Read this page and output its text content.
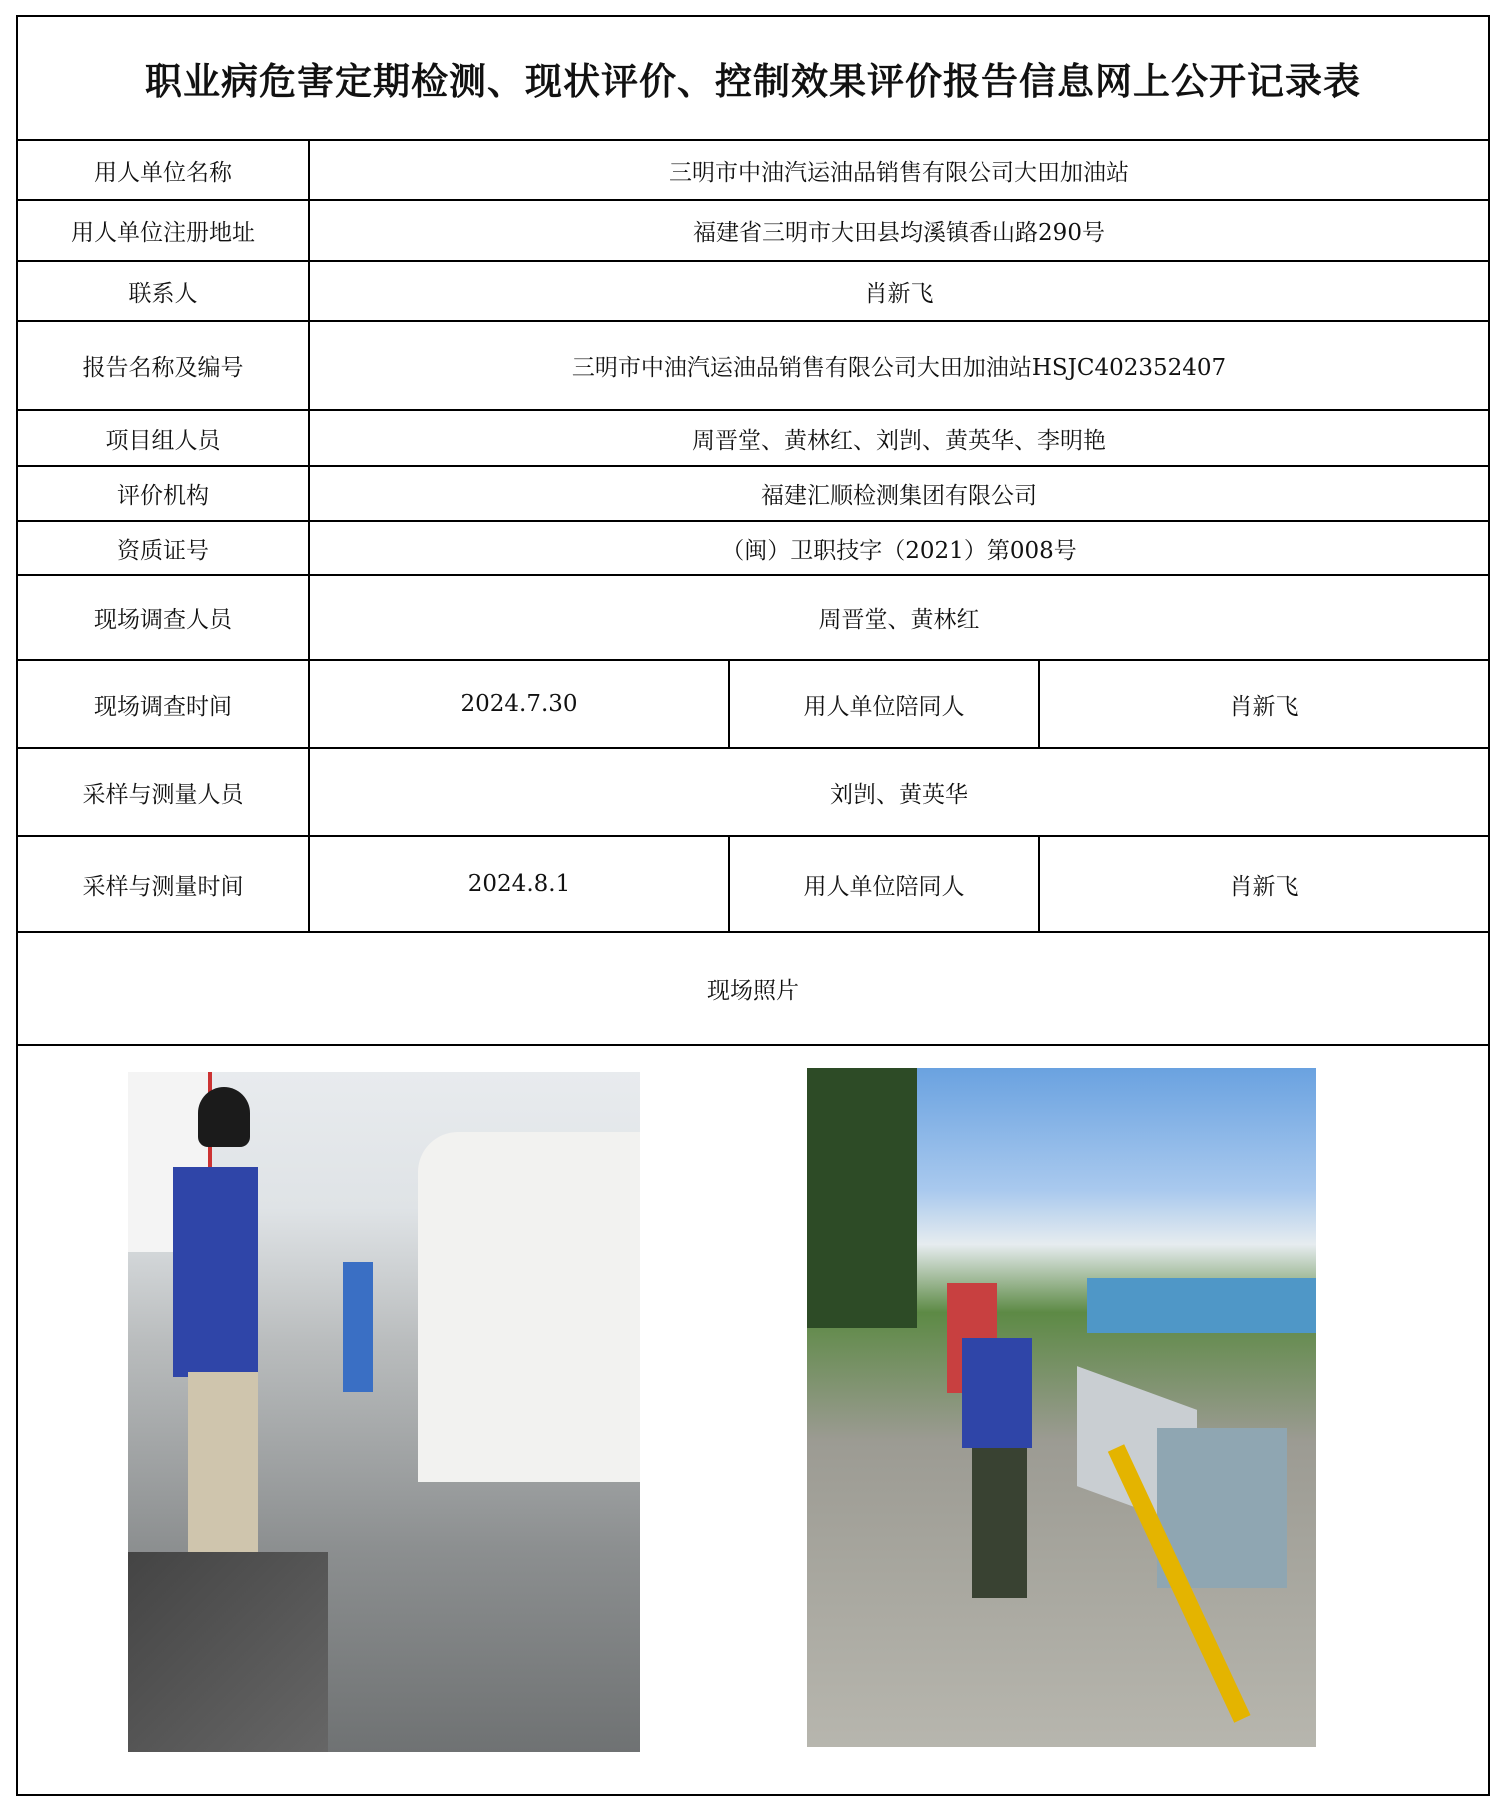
职业病危害定期检测、现状评价、控制效果评价报告信息网上公开记录表
用人单位名称	三明市中油汽运油品销售有限公司大田加油站
用人单位注册地址	福建省三明市大田县均溪镇香山路290号
联系人	肖新飞
报告名称及编号	三明市中油汽运油品销售有限公司大田加油站HSJC402352407
项目组人员	周晋堂、黄林红、刘剀、黄英华、李明艳
评价机构	福建汇顺检测集团有限公司
资质证号	（闽）卫职技字（2021）第008号
现场调查人员	周晋堂、黄林红
现场调查时间	2024.7.30	用人单位陪同人	肖新飞
采样与测量人员	刘剀、黄英华
采样与测量时间	2024.8.1	用人单位陪同人	肖新飞
现场照片
